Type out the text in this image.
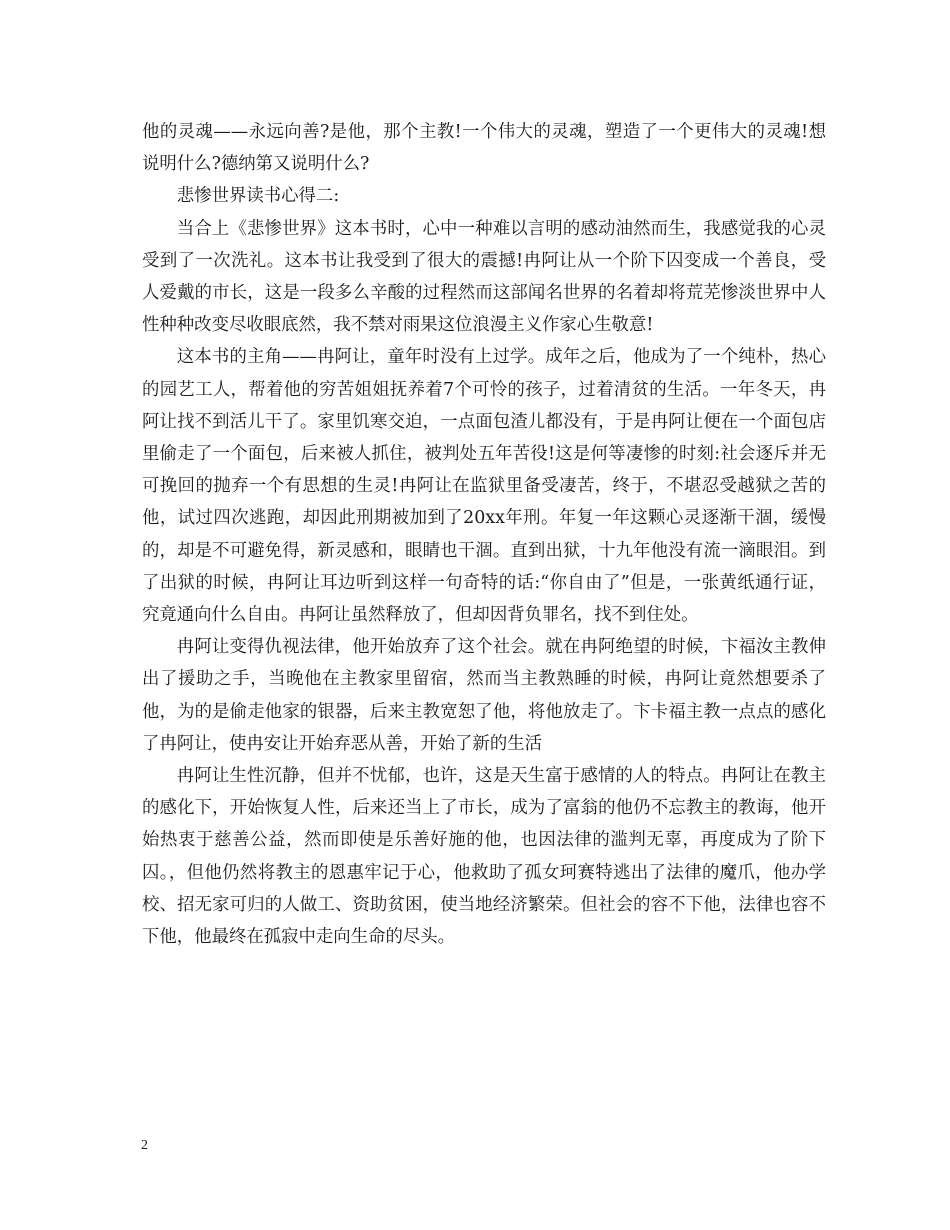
他的灵魂——永远向善?是他，那个主教!一个伟大的灵魂，塑造了一个更伟大的灵魂!想说明什么?德纳第又说明什么?

悲惨世界读书心得二:

当合上《悲惨世界》这本书时，心中一种难以言明的感动油然而生，我感觉我的心灵受到了一次洗礼。这本书让我受到了很大的震撼!冉阿让从一个阶下囚变成一个善良，受人爱戴的市长，这是一段多么辛酸的过程然而这部闻名世界的名着却将荒芜惨淡世界中人性种种改变尽收眼底然，我不禁对雨果这位浪漫主义作家心生敬意!

这本书的主角——冉阿让，童年时没有上过学。成年之后，他成为了一个纯朴，热心的园艺工人，帮着他的穷苦姐姐抚养着7个可怜的孩子，过着清贫的生活。一年冬天，冉阿让找不到活儿干了。家里饥寒交迫，一点面包渣儿都没有，于是冉阿让便在一个面包店里偷走了一个面包，后来被人抓住，被判处五年苦役!这是何等凄惨的时刻:社会逐斥并无可挽回的抛弃一个有思想的生灵!冉阿让在监狱里备受凄苦，终于，不堪忍受越狱之苦的他，试过四次逃跑，却因此刑期被加到了20xx年刑。年复一年这颗心灵逐渐干涸，缓慢的，却是不可避免得，新灵感和，眼睛也干涸。直到出狱，十九年他没有流一滴眼泪。到了出狱的时候，冉阿让耳边听到这样一句奇特的话:“你自由了”但是，一张黄纸通行证，究竟通向什么自由。冉阿让虽然释放了，但却因背负罪名，找不到住处。

冉阿让变得仇视法律，他开始放弃了这个社会。就在冉阿绝望的时候，卞福汝主教伸出了援助之手，当晚他在主教家里留宿，然而当主教熟睡的时候，冉阿让竟然想要杀了他，为的是偷走他家的银器，后来主教宽恕了他，将他放走了。卞卡福主教一点点的感化了冉阿让，使冉安让开始弃恶从善，开始了新的生活

冉阿让生性沉静，但并不忧郁，也许，这是天生富于感情的人的特点。冉阿让在教主的感化下，开始恢复人性，后来还当上了市长，成为了富翁的他仍不忘教主的教诲，他开始热衷于慈善公益，然而即使是乐善好施的他，也因法律的滥判无辜，再度成为了阶下囚。，但他仍然将教主的恩惠牢记于心，他救助了孤女珂赛特逃出了法律的魔爪，他办学校、招无家可归的人做工、资助贫困，使当地经济繁荣。但社会的容不下他，法律也容不下他，他最终在孤寂中走向生命的尽头。

2
